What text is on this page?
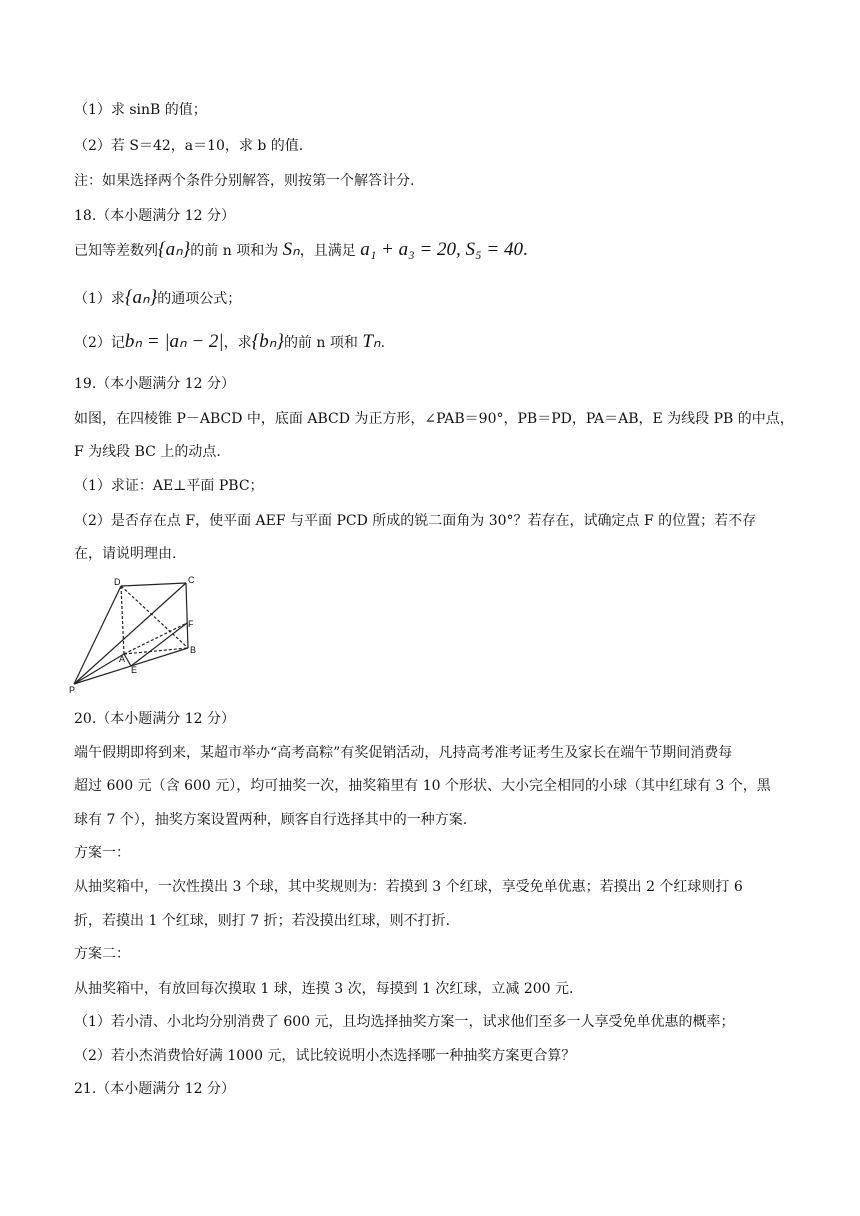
（1）求 sinB 的值；
（2）若 S＝42，a＝10，求 b 的值.
注：如果选择两个条件分别解答，则按第一个解答计分.
18.（本小题满分 12 分）
已知等差数列{aₙ}的前 n 项和为 Sₙ，且满足 a₁ + a₃ = 20, S₅ = 40.
（1）求{aₙ}的通项公式；
（2）记bₙ = |aₙ − 2|，求{bₙ}的前 n 项和 Tₙ.
19.（本小题满分 12 分）
如图，在四棱锥 P－ABCD 中，底面 ABCD 为正方形，∠PAB＝90°，PB＝PD，PA＝AB，E 为线段 PB 的中点，
F 为线段 BC 上的动点.
（1）求证：AE⊥平面 PBC；
（2）是否存在点 F，使平面 AEF 与平面 PCD 所成的锐二面角为 30°？若存在，试确定点 F 的位置；若不存
在，请说明理由.
D	C
F
A
B
E
P
20.（本小题满分 12 分）
端午假期即将到来，某超市举办“高考高粽”有奖促销活动，凡持高考准考证考生及家长在端午节期间消费每
超过 600 元（含 600 元），均可抽奖一次，抽奖箱里有 10 个形状、大小完全相同的小球（其中红球有 3 个，黑
球有 7 个），抽奖方案设置两种，顾客自行选择其中的一种方案.
方案一：
从抽奖箱中，一次性摸出 3 个球，其中奖规则为：若摸到 3 个红球，享受免单优惠；若摸出 2 个红球则打 6
折，若摸出 1 个红球，则打 7 折；若没摸出红球，则不打折.
方案二：
从抽奖箱中，有放回每次摸取 1 球，连摸 3 次，每摸到 1 次红球，立减 200 元.
（1）若小清、小北均分别消费了 600 元，且均选择抽奖方案一，试求他们至多一人享受免单优惠的概率；
（2）若小杰消费恰好满 1000 元，试比较说明小杰选择哪一种抽奖方案更合算？
21.（本小题满分 12 分）
